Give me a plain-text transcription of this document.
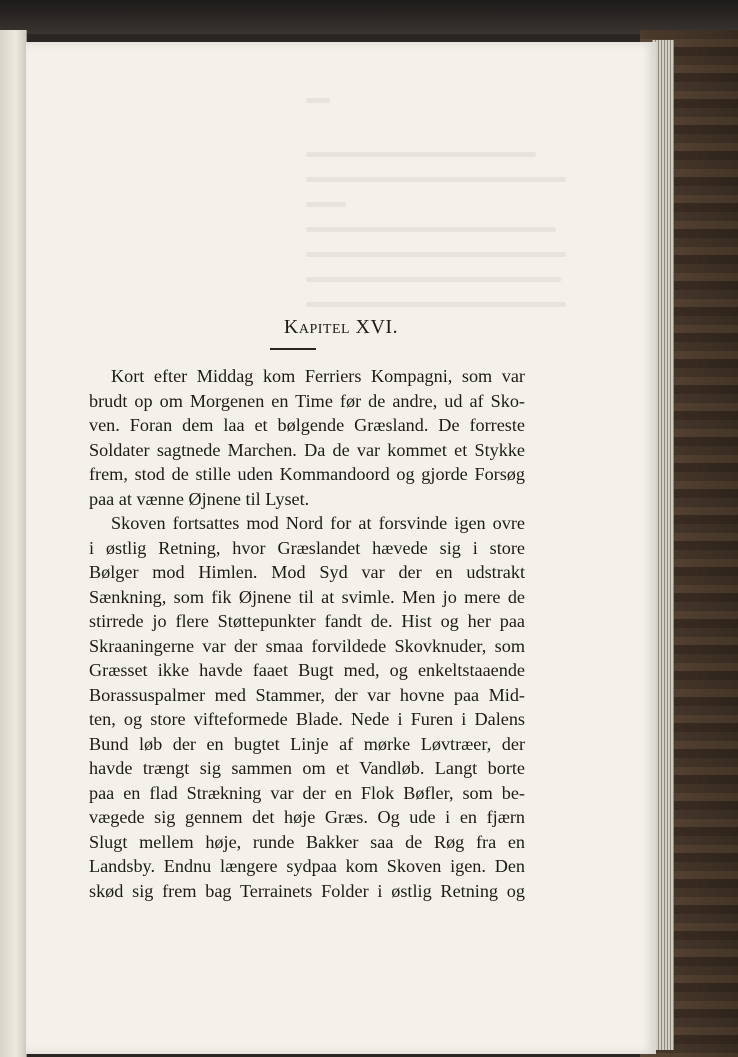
Kapitel XVI.
Kort efter Middag kom Ferriers Kompagni, som var
brudt op om Morgenen en Time før de andre, ud af Sko-
ven. Foran dem laa et bølgende Græsland. De forreste
Soldater sagtnede Marchen. Da de var kommet et Stykke
frem, stod de stille uden Kommandoord og gjorde Forsøg
paa at vænne Øjnene til Lyset.
Skoven fortsattes mod Nord for at forsvinde igen ovre
i østlig Retning, hvor Græslandet hævede sig i store
Bølger mod Himlen. Mod Syd var der en udstrakt
Sænkning, som fik Øjnene til at svimle. Men jo mere de
stirrede jo flere Støttepunkter fandt de. Hist og her paa
Skraaningerne var der smaa forvildede Skovknuder, som
Græsset ikke havde faaet Bugt med, og enkeltstaaende
Borassuspalmer med Stammer, der var hovne paa Mid-
ten, og store vifteformede Blade. Nede i Furen i Dalens
Bund løb der en bugtet Linje af mørke Løvtræer, der
havde trængt sig sammen om et Vandløb. Langt borte
paa en flad Strækning var der en Flok Bøfler, som be-
vægede sig gennem det høje Græs. Og ude i en fjærn
Slugt mellem høje, runde Bakker saa de Røg fra en
Landsby. Endnu længere sydpaa kom Skoven igen. Den
skød sig frem bag Terrainets Folder i østlig Retning og
